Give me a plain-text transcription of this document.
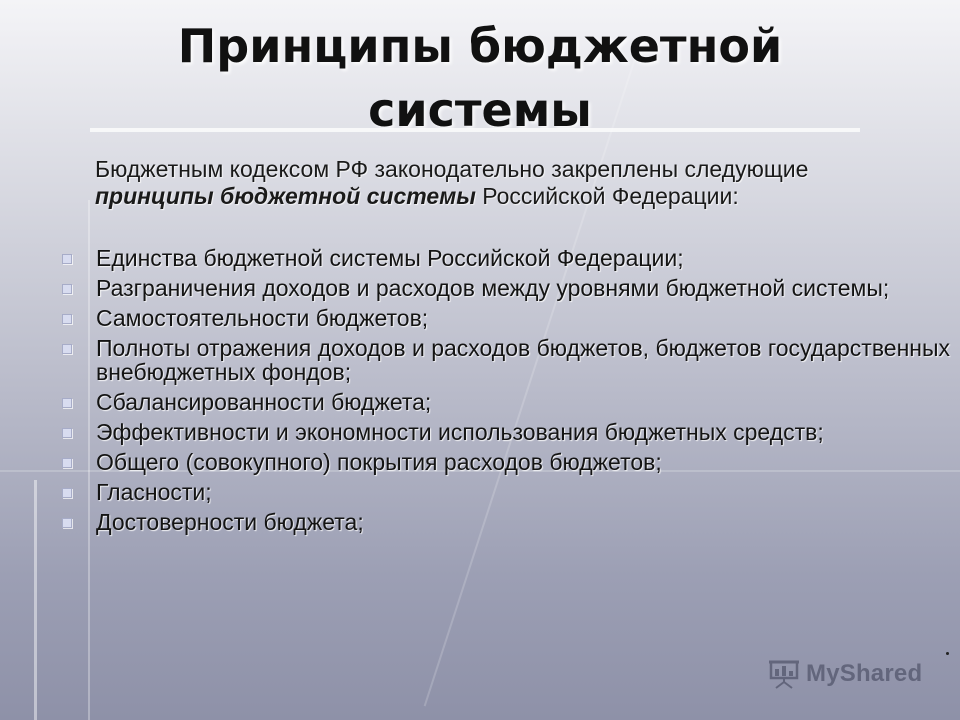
Принципы бюджетной системы
Бюджетным кодексом РФ законодательно закреплены следующие
принципы бюджетной системы Российской Федерации:
Единства бюджетной системы Российской Федерации;
Разграничения доходов и расходов между уровнями бюджетной системы;
Самостоятельности бюджетов;
Полноты отражения доходов и расходов бюджетов, бюджетов государственных внебюджетных фондов;
Сбалансированности бюджета;
Эффективности и экономности использования бюджетных средств;
Общего (совокупного) покрытия расходов бюджетов;
Гласности;
Достоверности бюджета;
MyShared
